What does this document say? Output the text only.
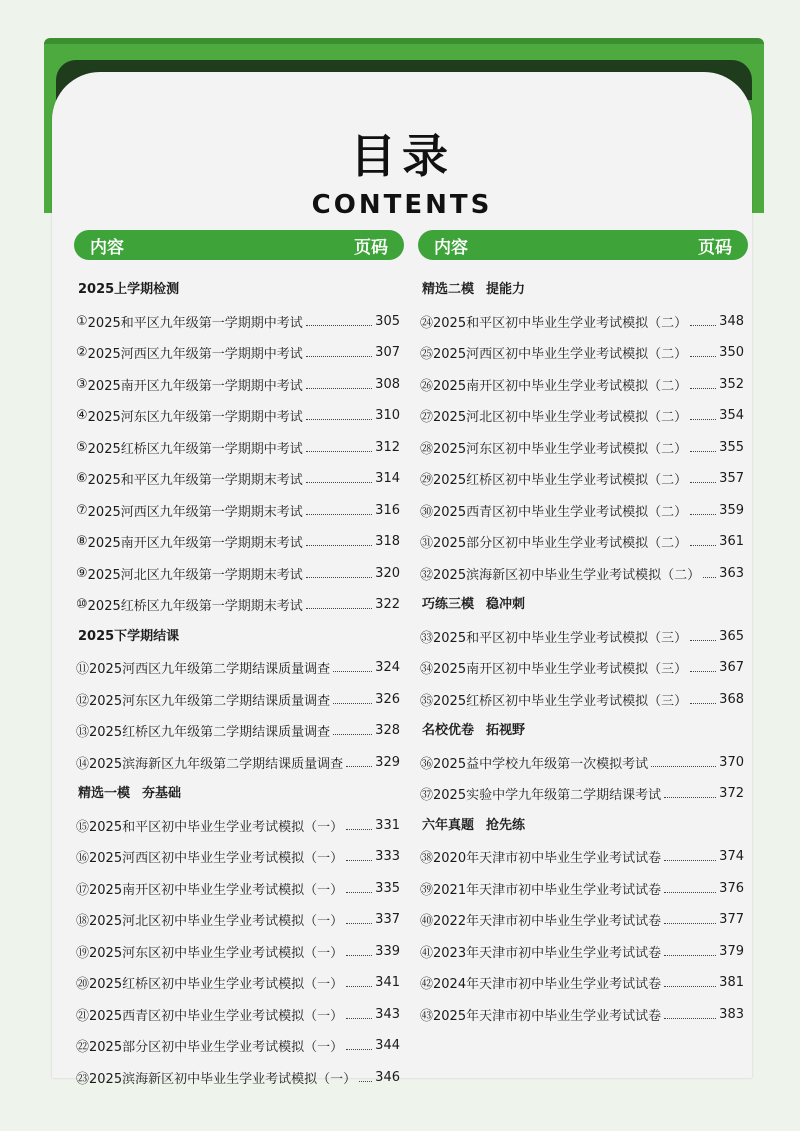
目录
CONTENTS
内容	页码
2025上学期检测
① 2025和平区九年级第一学期期中考试	305
② 2025河西区九年级第一学期期中考试	307
③ 2025南开区九年级第一学期期中考试	308
④ 2025河东区九年级第一学期期中考试	310
⑤ 2025红桥区九年级第一学期期中考试	312
⑥ 2025和平区九年级第一学期期末考试	314
⑦ 2025河西区九年级第一学期期末考试	316
⑧ 2025南开区九年级第一学期期末考试	318
⑨ 2025河北区九年级第一学期期末考试	320
⑩ 2025红桥区九年级第一学期期末考试	322
2025下学期结课
⑪ 2025河西区九年级第二学期结课质量调查	324
⑫ 2025河东区九年级第二学期结课质量调查	326
⑬ 2025红桥区九年级第二学期结课质量调查	328
⑭ 2025滨海新区九年级第二学期结课质量调查 329
精选一模 夯基础
⑮ 2025和平区初中毕业生学业考试模拟（一） 331
⑯ 2025河西区初中毕业生学业考试模拟（一） 333
⑰ 2025南开区初中毕业生学业考试模拟（一） 335
⑱ 2025河北区初中毕业生学业考试模拟（一） 337
⑲ 2025河东区初中毕业生学业考试模拟（一） 339
⑳ 2025红桥区初中毕业生学业考试模拟（一） 341
㉑ 2025西青区初中毕业生学业考试模拟（一） 343
㉒ 2025部分区初中毕业生学业考试模拟（一） 344
㉓ 2025滨海新区初中毕业生学业考试模拟（一） 346
内容	页码
精选二模 提能力
㉔ 2025和平区初中毕业生学业考试模拟（二） 348
㉕ 2025河西区初中毕业生学业考试模拟（二） 350
㉖ 2025南开区初中毕业生学业考试模拟（二） 352
㉗ 2025河北区初中毕业生学业考试模拟（二） 354
㉘ 2025河东区初中毕业生学业考试模拟（二） 355
㉙ 2025红桥区初中毕业生学业考试模拟（二） 357
㉚ 2025西青区初中毕业生学业考试模拟（二） 359
㉛ 2025部分区初中毕业生学业考试模拟（二） 361
㉜ 2025滨海新区初中毕业生学业考试模拟（二） 363
巧练三模 稳冲刺
㉝ 2025和平区初中毕业生学业考试模拟（三） 365
㉞ 2025南开区初中毕业生学业考试模拟（三） 367
㉟ 2025红桥区初中毕业生学业考试模拟（三） 368
名校优卷 拓视野
㊱ 2025益中学校九年级第一次模拟考试	370
㊲ 2025实验中学九年级第二学期结课考试	372
六年真题 抢先练
㊳ 2020年天津市初中毕业生学业考试试卷	374
㊴ 2021年天津市初中毕业生学业考试试卷	376
㊵ 2022年天津市初中毕业生学业考试试卷	377
㊶ 2023年天津市初中毕业生学业考试试卷	379
㊷ 2024年天津市初中毕业生学业考试试卷	381
㊸ 2025年天津市初中毕业生学业考试试卷	383
